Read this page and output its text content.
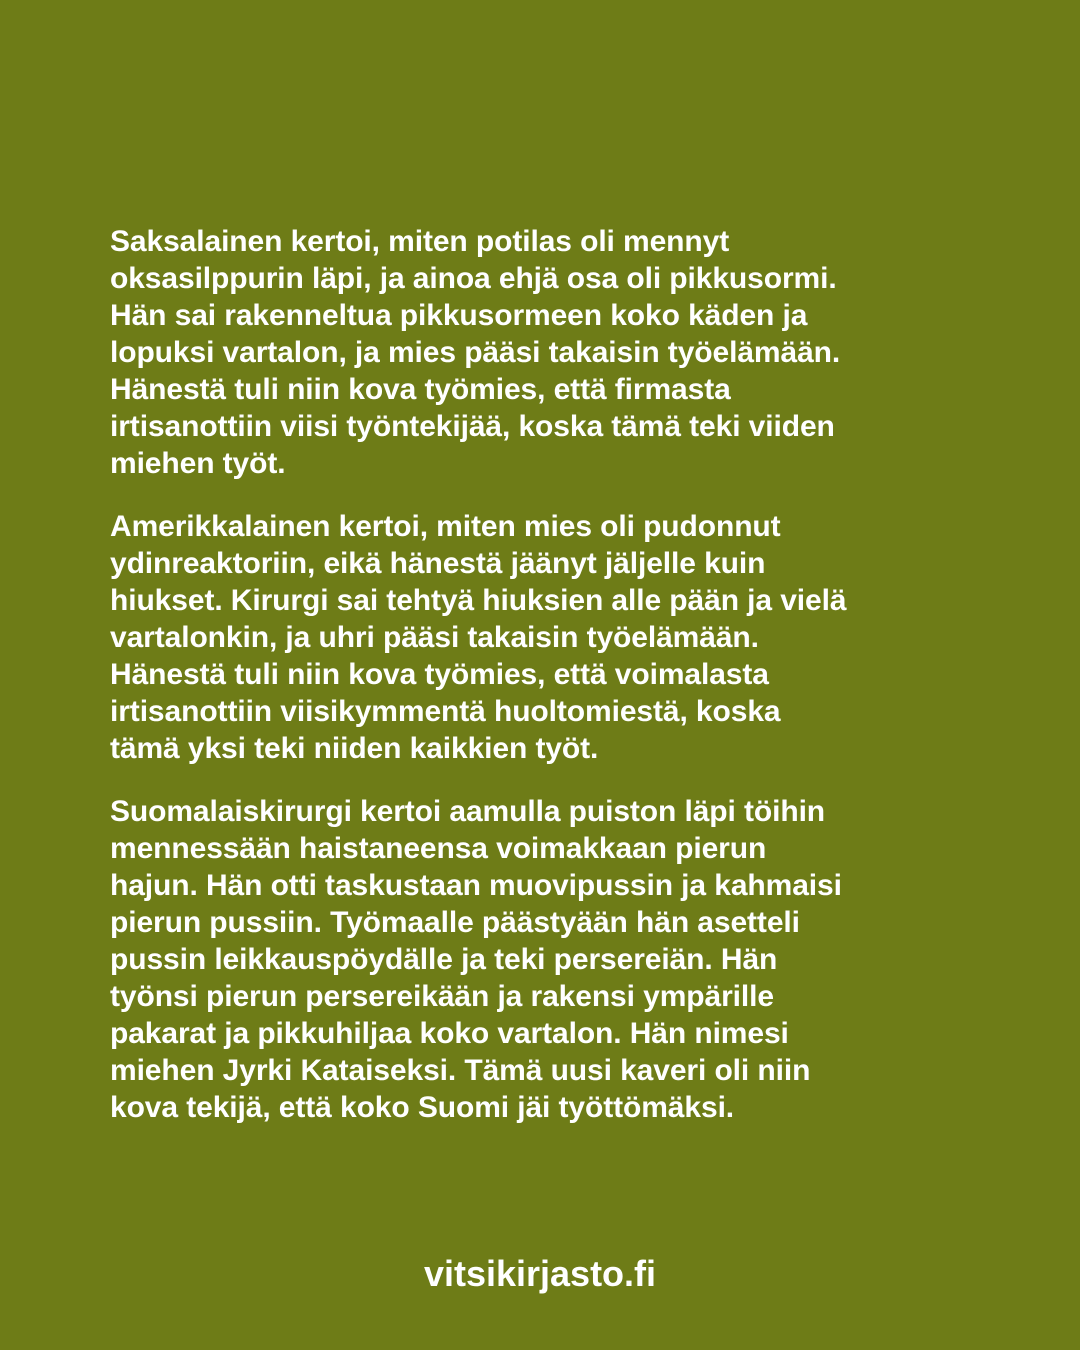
Saksalainen kertoi, miten potilas oli mennyt
oksasilppurin läpi, ja ainoa ehjä osa oli pikkusormi.
Hän sai rakenneltua pikkusormeen koko käden ja
lopuksi vartalon, ja mies pääsi takaisin työelämään.
Hänestä tuli niin kova työmies, että firmasta
irtisanottiin viisi työntekijää, koska tämä teki viiden
miehen työt.

Amerikkalainen kertoi, miten mies oli pudonnut
ydinreaktoriin, eikä hänestä jäänyt jäljelle kuin
hiukset. Kirurgi sai tehtyä hiuksien alle pään ja vielä
vartalonkin, ja uhri pääsi takaisin työelämään.
Hänestä tuli niin kova työmies, että voimalasta
irtisanottiin viisikymmentä huoltomiestä, koska
tämä yksi teki niiden kaikkien työt.

Suomalaiskirurgi kertoi aamulla puiston läpi töihin
mennessään haistaneensa voimakkaan pierun
hajun. Hän otti taskustaan muovipussin ja kahmaisi
pierun pussiin. Työmaalle päästyään hän asetteli
pussin leikkauspöydälle ja teki persereiän. Hän
työnsi pierun persereikään ja rakensi ympärille
pakarat ja pikkuhiljaa koko vartalon. Hän nimesi
miehen Jyrki Kataiseksi. Tämä uusi kaveri oli niin
kova tekijä, että koko Suomi jäi työttömäksi.

vitsikirjasto.fi
